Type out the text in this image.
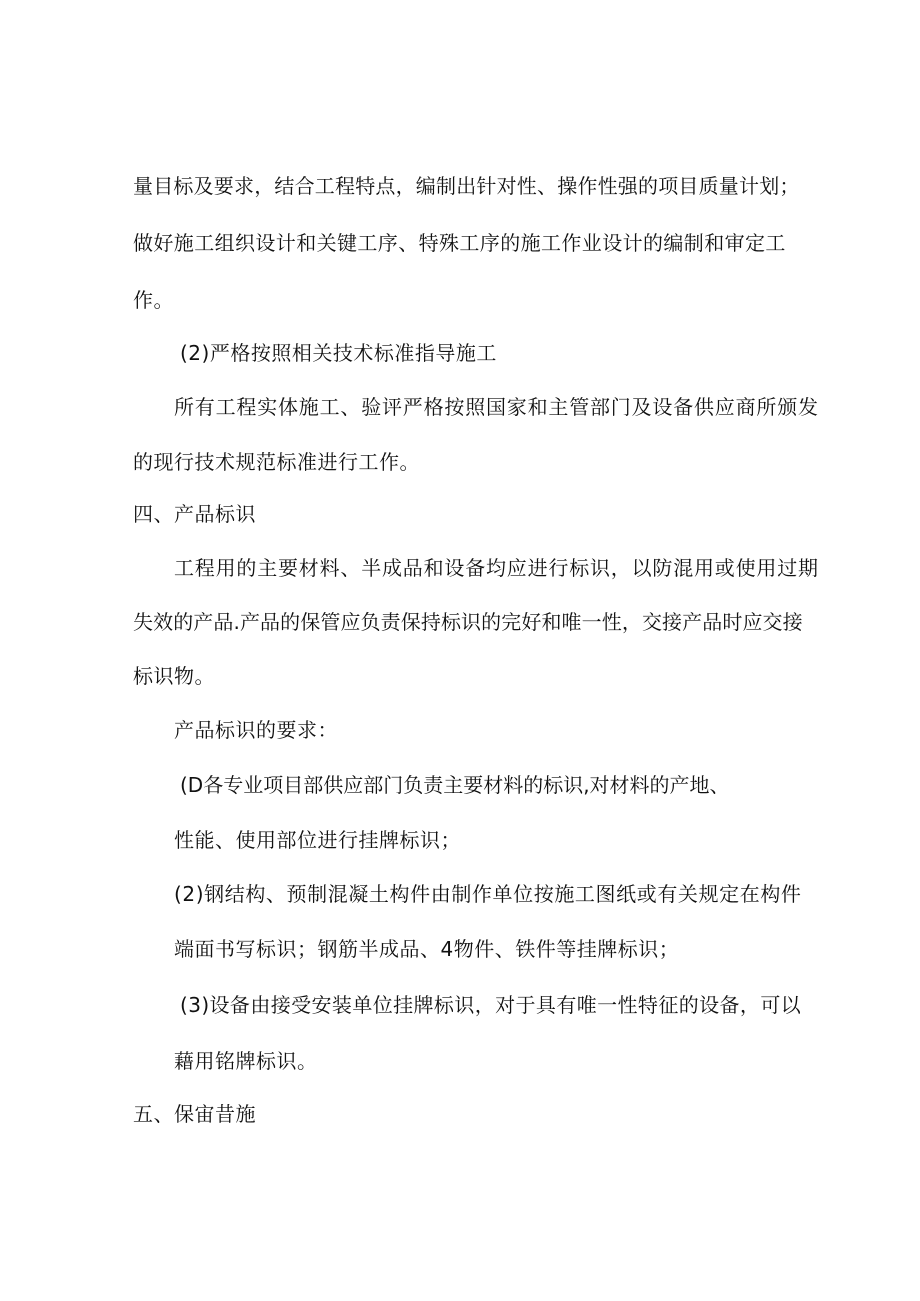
量目标及要求，结合工程特点，编制出针对性、操作性强的项目质量计划；

做好施工组织设计和关键工序、特殊工序的施工作业设计的编制和审定工

作。

(2)严格按照相关技术标准指导施工

所有工程实体施工、验评严格按照国家和主管部门及设备供应商所颁发

的现行技术规范标准进行工作。

四、产品标识

工程用的主要材料、半成品和设备均应进行标识，以防混用或使用过期

失效的产品.产品的保管应负责保持标识的完好和唯一性，交接产品时应交接

标识物。

产品标识的要求：

(D各专业项目部供应部门负责主要材料的标识,对材料的产地、

性能、使用部位进行挂牌标识；

(2)钢结构、预制混凝土构件由制作单位按施工图纸或有关规定在构件

端面书写标识；钢筋半成品、4物件、铁件等挂牌标识；

(3)设备由接受安装单位挂牌标识，对于具有唯一性特征的设备，可以

藉用铭牌标识。

五、保宙昔施
